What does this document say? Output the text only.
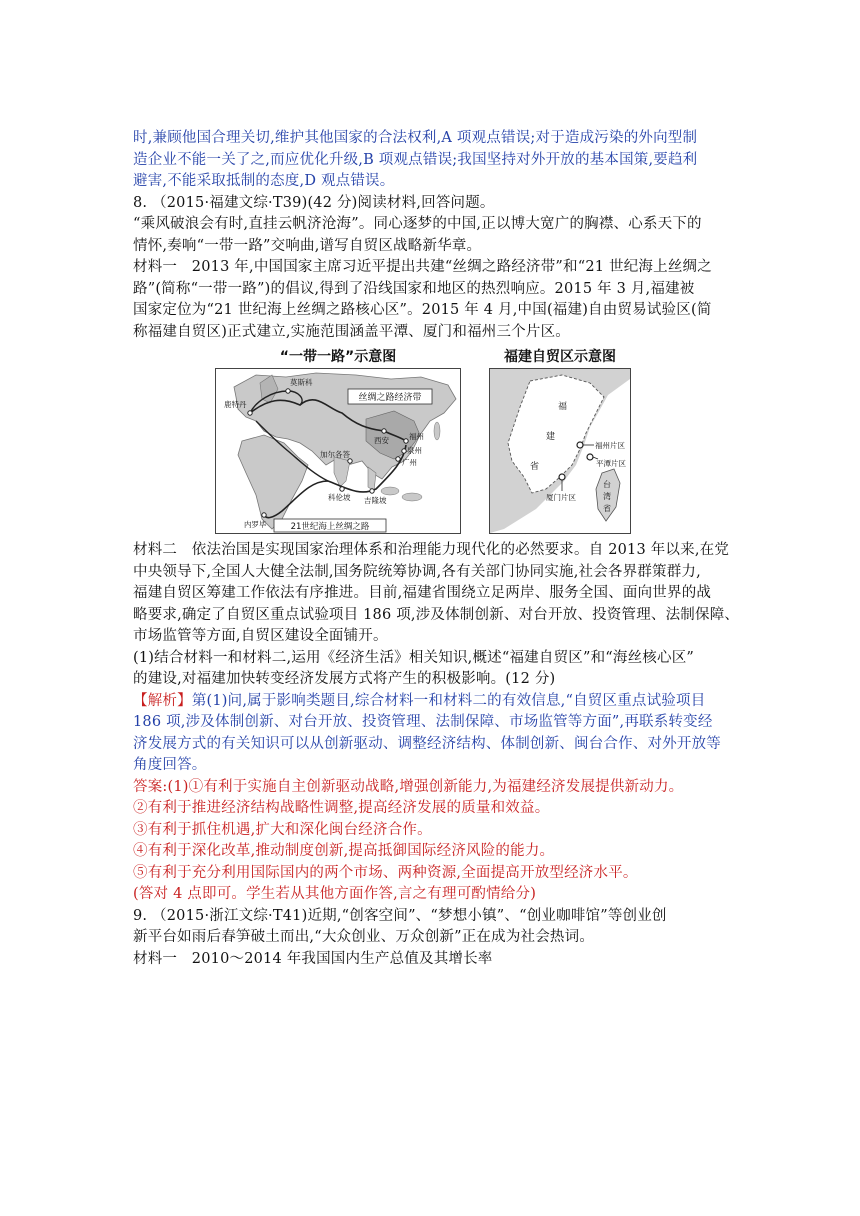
时,兼顾他国合理关切,维护其他国家的合法权利,A 项观点错误;对于造成污染的外向型制
造企业不能一关了之,而应优化升级,B 项观点错误;我国坚持对外开放的基本国策,要趋利
避害,不能采取抵制的态度,D 观点错误。
8. （2015·福建文综·T39)(42 分)阅读材料,回答问题。
“乘风破浪会有时,直挂云帆济沧海”。同心逐梦的中国,正以博大宽广的胸襟、心系天下的
情怀,奏响“一带一路”交响曲,谱写自贸区战略新华章。
材料一　2013 年,中国国家主席习近平提出共建“丝绸之路经济带”和“21 世纪海上丝绸之
路”(简称“一带一路”)的倡议,得到了沿线国家和地区的热烈响应。2015 年 3 月,福建被
国家定位为“21 世纪海上丝绸之路核心区”。2015 年 4 月,中国(福建)自由贸易试验区(简
称福建自贸区)正式建立,实施范围涵盖平潭、厦门和福州三个片区。
“一带一路”示意图
丝绸之路经济带
21世纪海上丝绸之路
莫斯科
鹿特丹
西安	福州
泉州
广州
加尔各答
科伦坡 吉隆坡
内罗毕
福建自贸区示意图
福
建
省
福州片区
平潭片区
厦门片区
台
湾
省
材料二　依法治国是实现国家治理体系和治理能力现代化的必然要求。自 2013 年以来,在党
中央领导下,全国人大健全法制,国务院统筹协调,各有关部门协同实施,社会各界群策群力,
福建自贸区筹建工作依法有序推进。目前,福建省围绕立足两岸、服务全国、面向世界的战
略要求,确定了自贸区重点试验项目 186 项,涉及体制创新、对台开放、投资管理、法制保障、
市场监管等方面,自贸区建设全面铺开。
(1)结合材料一和材料二,运用《经济生活》相关知识,概述“福建自贸区”和“海丝核心区”
的建设,对福建加快转变经济发展方式将产生的积极影响。(12 分)
【解析】第(1)问,属于影响类题目,综合材料一和材料二的有效信息,“自贸区重点试验项目
186 项,涉及体制创新、对台开放、投资管理、法制保障、市场监管等方面”,再联系转变经
济发展方式的有关知识可以从创新驱动、调整经济结构、体制创新、闽台合作、对外开放等
角度回答。
答案:(1)①有利于实施自主创新驱动战略,增强创新能力,为福建经济发展提供新动力。
②有利于推进经济结构战略性调整,提高经济发展的质量和效益。
③有利于抓住机遇,扩大和深化闽台经济合作。
④有利于深化改革,推动制度创新,提高抵御国际经济风险的能力。
⑤有利于充分利用国际国内的两个市场、两种资源,全面提高开放型经济水平。
(答对 4 点即可。学生若从其他方面作答,言之有理可酌情给分)
9. （2015·浙江文综·T41)近期,“创客空间”、“梦想小镇”、“创业咖啡馆”等创业创
新平台如雨后春笋破土而出,“大众创业、万众创新”正在成为社会热词。
材料一　2010～2014 年我国国内生产总值及其增长率
